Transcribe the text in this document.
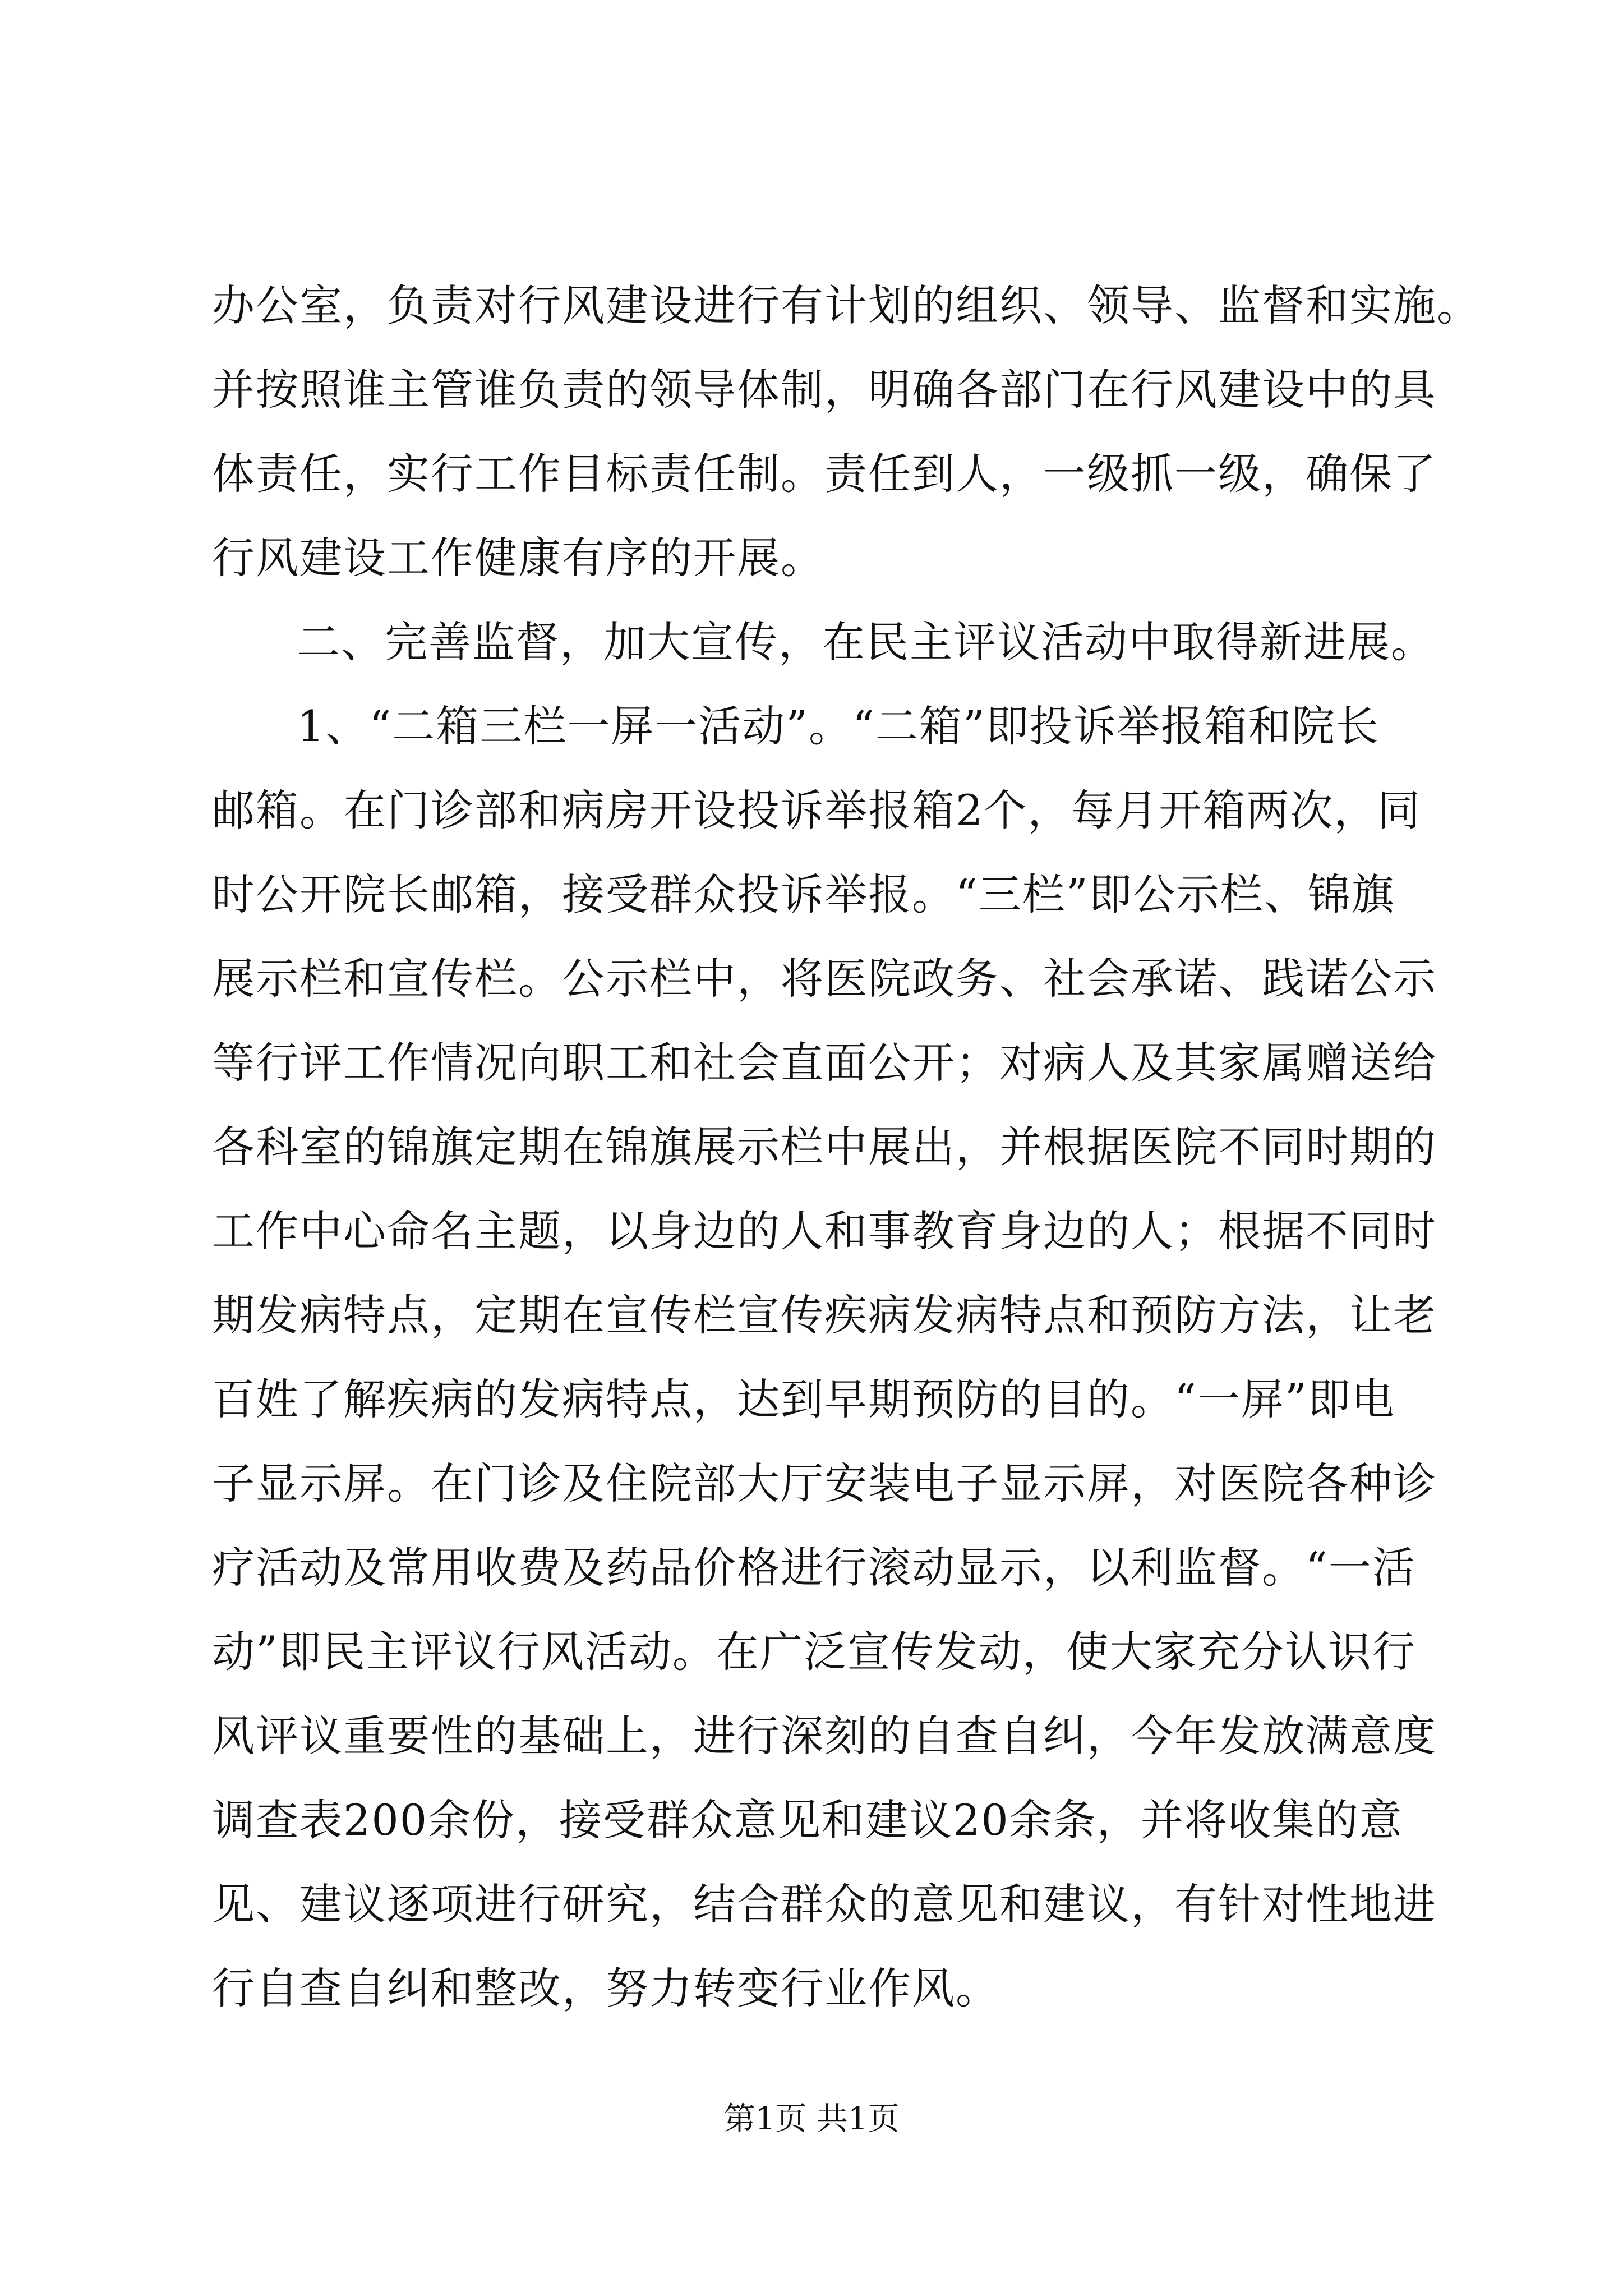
办公室，负责对行风建设进行有计划的组织、领导、监督和实施。
并按照谁主管谁负责的领导体制，明确各部门在行风建设中的具
体责任，实行工作目标责任制。责任到人，一级抓一级，确保了
行风建设工作健康有序的开展。
二、完善监督，加大宣传，在民主评议活动中取得新进展。
1、“二箱三栏一屏一活动”。“二箱”即投诉举报箱和院长
邮箱。在门诊部和病房开设投诉举报箱2个，每月开箱两次，同
时公开院长邮箱，接受群众投诉举报。“三栏”即公示栏、锦旗
展示栏和宣传栏。公示栏中，将医院政务、社会承诺、践诺公示
等行评工作情况向职工和社会直面公开；对病人及其家属赠送给
各科室的锦旗定期在锦旗展示栏中展出，并根据医院不同时期的
工作中心命名主题，以身边的人和事教育身边的人；根据不同时
期发病特点，定期在宣传栏宣传疾病发病特点和预防方法，让老
百姓了解疾病的发病特点，达到早期预防的目的。“一屏”即电
子显示屏。在门诊及住院部大厅安装电子显示屏，对医院各种诊
疗活动及常用收费及药品价格进行滚动显示，以利监督。“一活
动”即民主评议行风活动。在广泛宣传发动，使大家充分认识行
风评议重要性的基础上，进行深刻的自查自纠，今年发放满意度
调查表200余份，接受群众意见和建议20余条，并将收集的意
见、建议逐项进行研究，结合群众的意见和建议，有针对性地进
行自查自纠和整改，努力转变行业作风。
第1页 共1页
